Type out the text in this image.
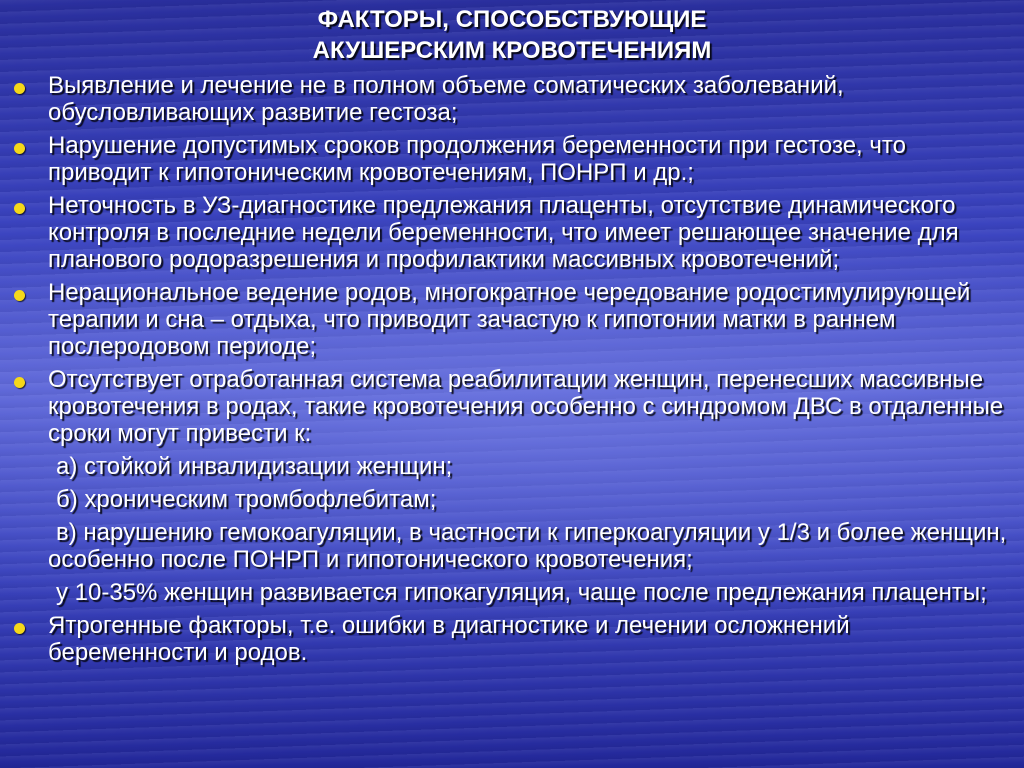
ФАКТОРЫ, СПОСОБСТВУЮЩИЕ
АКУШЕРСКИМ КРОВОТЕЧЕНИЯМ
Выявление и лечение не в полном объеме соматических заболеваний, обусловливающих развитие гестоза;
Нарушение допустимых сроков продолжения беременности при гестозе, что приводит к гипотоническим кровотечениям, ПОНРП и др.;
Неточность в УЗ-диагностике предлежания плаценты, отсутствие динамического контроля в последние недели беременности, что имеет решающее значение для планового родоразрешения и профилактики массивных кровотечений;
Нерациональное ведение родов, многократное чередование родостимулирующей терапии и сна – отдыха, что приводит зачастую к гипотонии матки в раннем послеродовом периоде;
Отсутствует отработанная система реабилитации женщин, перенесших массивные кровотечения в родах, такие кровотечения особенно с синдромом ДВС в отдаленные сроки могут привести к:
а) стойкой инвалидизации женщин;
б) хроническим тромбофлебитам;
в) нарушению гемокоагуляции, в частности к гиперкоагуляции у 1/3 и более женщин, особенно после ПОНРП и гипотонического кровотечения;
у 10-35% женщин развивается гипокагуляция, чаще после предлежания плаценты;
Ятрогенные факторы, т.е. ошибки в диагностике и лечении осложнений беременности и родов.
